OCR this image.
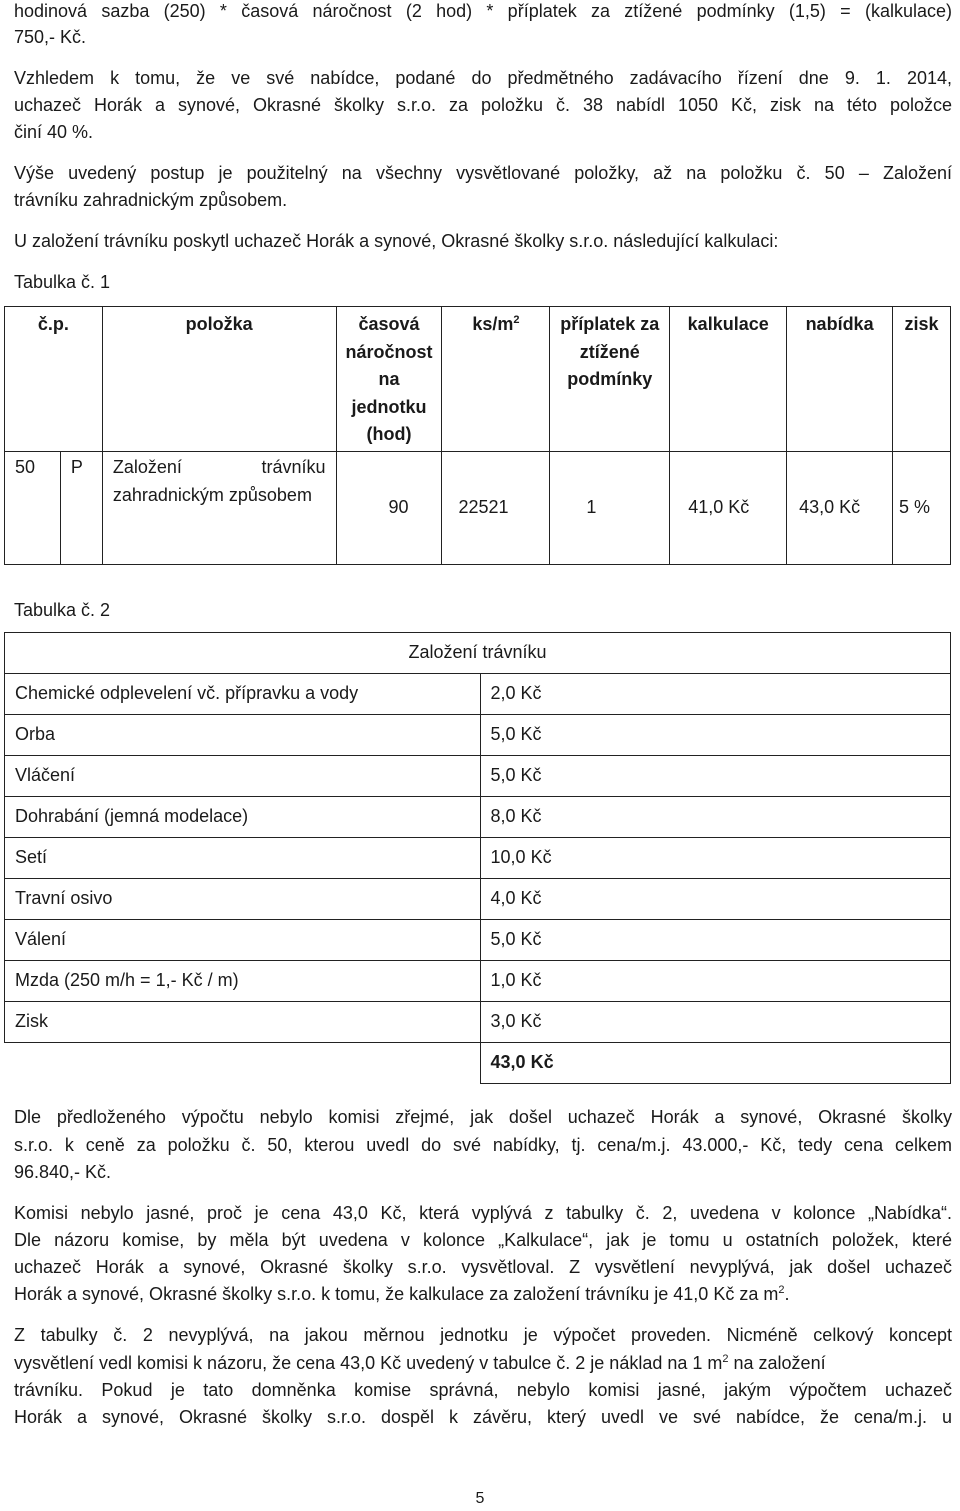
hodinová sazba (250) * časová náročnost (2 hod) * příplatek za ztížené podmínky (1,5) = (kalkulace)
750,- Kč.
Vzhledem k tomu, že ve své nabídce, podané do předmětného zadávacího řízení dne 9. 1. 2014,
uchazeč Horák a synové, Okrasné školky s.r.o. za položku č. 38 nabídl 1050 Kč, zisk na této položce
činí 40 %.
Výše uvedený postup je použitelný na všechny vysvětlované položky, až na položku č. 50 – Založení
trávníku zahradnickým způsobem.
U založení trávníku poskytl uchazeč Horák a synové, Okrasné školky s.r.o. následující kalkulaci:
Tabulka č. 1
č.p.		položka	časová náročnost na jednotku (hod)	$ks/m^2$	příplatek za ztížené podmínky	kalkulace	nabídka	zisk
50	P	Založení trávníku zahradnickým způsobem	90	22521	1	41,0 Kč	43,0 Kč	5 %
Tabulka č. 2
Založení trávníku	
Chemické odplevelení vč. přípravku a vody	2,0 Kč
Orba	5,0 Kč
Vláčení	5,0 Kč
Dohrabání (jemná modelace)	8,0 Kč
Setí	10,0 Kč
Travní osivo	4,0 Kč
Válení	5,0 Kč
Mzda (250 m/h = 1,- Kč / m)	1,0 Kč
Zisk	3,0 Kč
	43,0 Kč
Dle předloženého výpočtu nebylo komisi zřejmé, jak došel uchazeč Horák a synové, Okrasné školky
s.r.o. k ceně za položku č. 50, kterou uvedl do své nabídky, tj. cena/m.j. 43.000,- Kč, tedy cena celkem
96.840,- Kč.
Komisi nebylo jasné, proč je cena 43,0 Kč, která vyplývá z tabulky č. 2, uvedena v kolonce „Nabídka“.
Dle názoru komise, by měla být uvedena v kolonce „Kalkulace“, jak je tomu u ostatních položek, které
uchazeč Horák a synové, Okrasné školky s.r.o. vysvětloval. Z vysvětlení nevyplývá, jak došel uchazeč
Horák a synové, Okrasné školky s.r.o. k tomu, že kalkulace za založení trávníku je 41,0 Kč za $m^2$.
Z tabulky č. 2 nevyplývá, na jakou měrnou jednotku je výpočet proveden. Nicméně celkový koncept
vysvětlení vedl komisi k názoru, že cena 43,0 Kč uvedený v tabulce č. 2 je náklad na 1 $m^2$ na založení
trávníku. Pokud je tato domněnka komise správná, nebylo komisi jasné, jakým výpočtem uchazeč
Horák a synové, Okrasné školky s.r.o. dospěl k závěru, který uvedl ve své nabídce, že cena/m.j. u
5
